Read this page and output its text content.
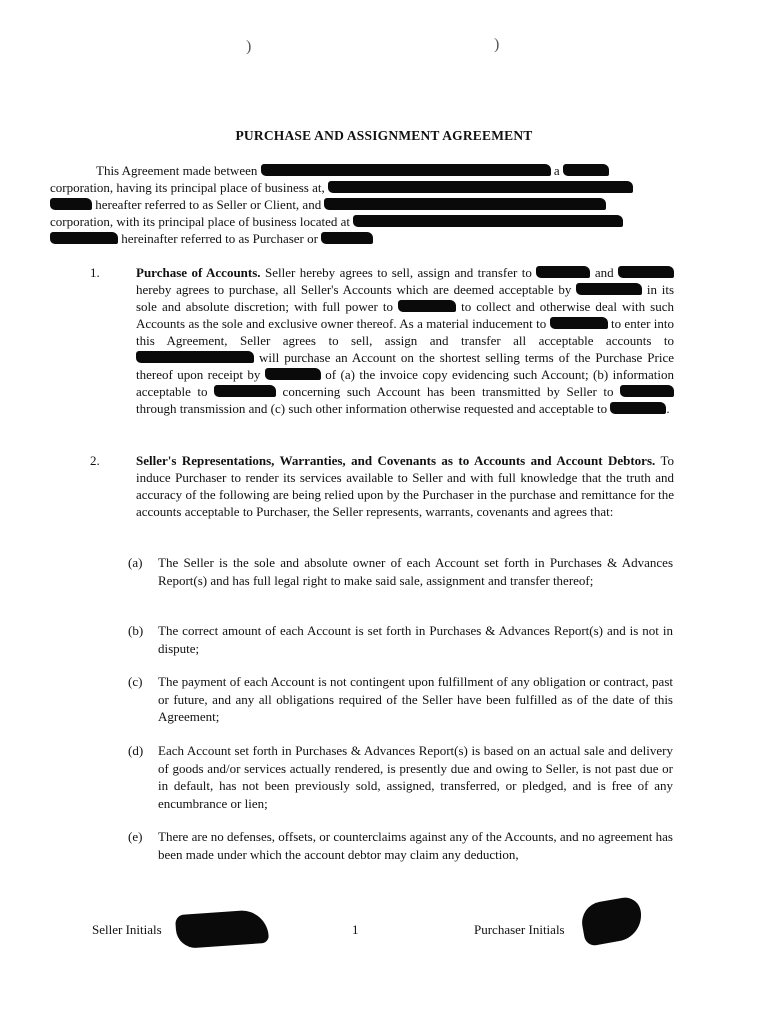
)	)
PURCHASE AND ASSIGNMENT AGREEMENT
This Agreement made between	a
corporation, having its principal place of business at,
hereafter referred to as Seller or Client, and
corporation, with its principal place of business located at
hereinafter referred to as Purchaser or
1.	Purchase of Accounts. Seller hereby agrees to sell, assign and transfer to	and  hereby agrees to purchase, all Seller's Accounts which are deemed acceptable by	in its sole and absolute discretion; with full power to	to collect and otherwise deal with such Accounts as the sole and exclusive owner thereof. As a material inducement to	to enter into this Agreement, Seller agrees to sell, assign and transfer all acceptable accounts to  will purchase an Account on the shortest selling terms of the Purchase Price thereof upon receipt by	of (a) the invoice copy evidencing such Account; (b) information acceptable to	concerning such Account has been transmitted by Seller to  through transmission and (c) such other information otherwise requested and acceptable to	.
2.	Seller's Representations, Warranties, and Covenants as to Accounts and Account Debtors. To induce Purchaser to render its services available to Seller and with full knowledge that the truth and accuracy of the following are being relied upon by the Purchaser in the purchase and remittance for the accounts acceptable to Purchaser, the Seller represents, warrants, covenants and agrees that:
(a) The Seller is the sole and absolute owner of each Account set forth in Purchases & Advances Report(s) and has full legal right to make said sale, assignment and transfer thereof;
(b) The correct amount of each Account is set forth in Purchases & Advances Report(s) and is not in dispute;
(c) The payment of each Account is not contingent upon fulfillment of any obligation or contract, past or future, and any all obligations required of the Seller have been fulfilled as of the date of this Agreement;
(d) Each Account set forth in Purchases & Advances Report(s) is based on an actual sale and delivery of goods and/or services actually rendered, is presently due and owing to Seller, is not past due or in default, has not been previously sold, assigned, transferred, or pledged, and is free of any encumbrance or lien;
(e) There are no defenses, offsets, or counterclaims against any of the Accounts, and no agreement has been made under which the account debtor may claim any deduction,
Seller Initials	1	Purchaser Initials
